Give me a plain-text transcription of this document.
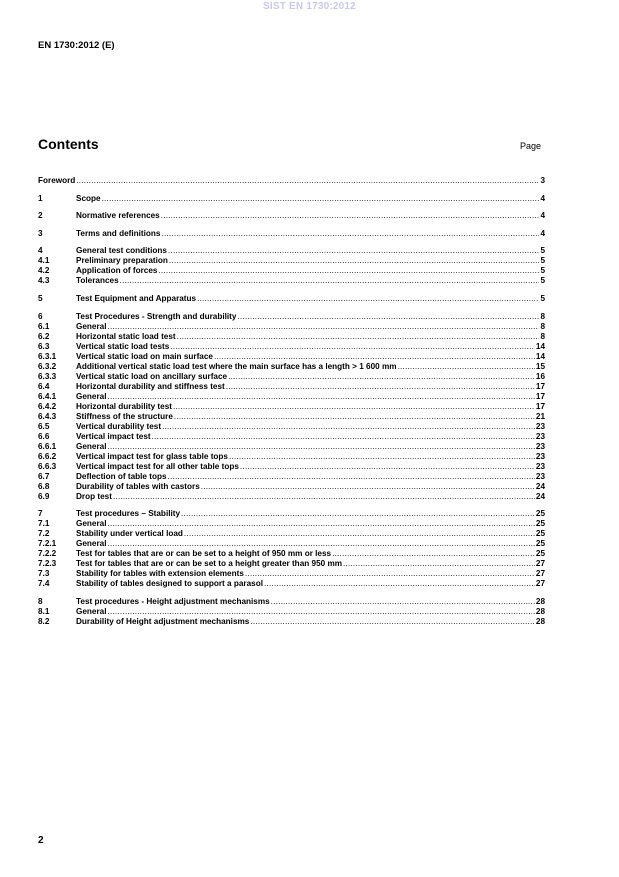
SIST EN 1730:2012
EN 1730:2012 (E)
Contents	Page
Foreword .....	3
1	Scope .....	4
2	Normative references .....	4
3	Terms and definitions .....	4
4	General test conditions .....	5
4.1	Preliminary preparation .....	5
4.2	Application of forces .....	5
4.3	Tolerances .....	5
5	Test Equipment and Apparatus .....	5
6	Test Procedures - Strength and durability .....	8
6.1	General .....	8
6.2	Horizontal static load test .....	8
6.3	Vertical static load tests .....	14
6.3.1	Vertical static load on main surface .....	14
6.3.2	Additional vertical static load test where the main surface has a length > 1 600 mm .....	15
6.3.3	Vertical static load on ancillary surface .....	16
6.4	Horizontal durability and stiffness test .....	17
6.4.1	General .....	17
6.4.2	Horizontal durability test .....	17
6.4.3	Stiffness of the structure .....	21
6.5	Vertical durability test .....	23
6.6	Vertical impact test .....	23
6.6.1	General .....	23
6.6.2	Vertical impact test for glass table tops .....	23
6.6.3	Vertical impact test for all other table tops .....	23
6.7	Deflection of table tops .....	23
6.8	Durability of tables with castors .....	24
6.9	Drop test .....	24
7	Test procedures – Stability .....	25
7.1	General .....	25
7.2	Stability under vertical load .....	25
7.2.1	General .....	25
7.2.2	Test for tables that are or can be set to a height of 950 mm or less .....	25
7.2.3	Test for tables that are or can be set to a height greater than 950 mm .....	27
7.3	Stability for tables with extension elements .....	27
7.4	Stability of tables designed to support a parasol .....	27
8	Test procedures - Height adjustment mechanisms .....	28
8.1	General .....	28
8.2	Durability of Height adjustment mechanisms .....	28
2
